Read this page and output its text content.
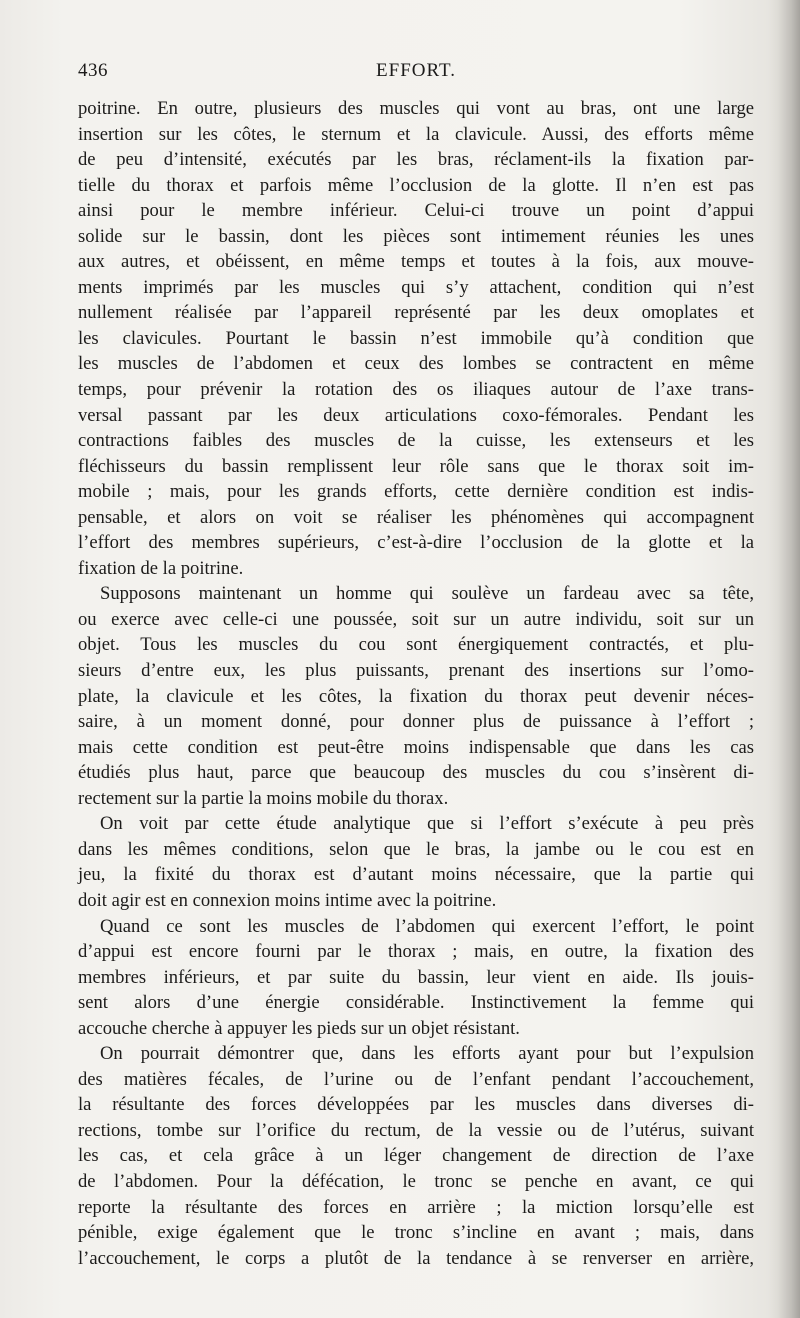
436	EFFORT.
poitrine. En outre, plusieurs des muscles qui vont au bras, ont une large
insertion sur les côtes, le sternum et la clavicule. Aussi, des efforts même
de peu d’intensité, exécutés par les bras, réclament-ils la fixation par-
tielle du thorax et parfois même l’occlusion de la glotte. Il n’en est pas
ainsi pour le membre inférieur. Celui-ci trouve un point d’appui
solide sur le bassin, dont les pièces sont intimement réunies les unes
aux autres, et obéissent, en même temps et toutes à la fois, aux mouve-
ments imprimés par les muscles qui s’y attachent, condition qui n’est
nullement réalisée par l’appareil représenté par les deux omoplates et
les clavicules. Pourtant le bassin n’est immobile qu’à condition que
les muscles de l’abdomen et ceux des lombes se contractent en même
temps, pour prévenir la rotation des os iliaques autour de l’axe trans-
versal passant par les deux articulations coxo-fémorales. Pendant les
contractions faibles des muscles de la cuisse, les extenseurs et les
fléchisseurs du bassin remplissent leur rôle sans que le thorax soit im-
mobile ; mais, pour les grands efforts, cette dernière condition est indis-
pensable, et alors on voit se réaliser les phénomènes qui accompagnent
l’effort des membres supérieurs, c’est-à-dire l’occlusion de la glotte et la
fixation de la poitrine.
Supposons maintenant un homme qui soulève un fardeau avec sa tête,
ou exerce avec celle-ci une poussée, soit sur un autre individu, soit sur un
objet. Tous les muscles du cou sont énergiquement contractés, et plu-
sieurs d’entre eux, les plus puissants, prenant des insertions sur l’omo-
plate, la clavicule et les côtes, la fixation du thorax peut devenir néces-
saire, à un moment donné, pour donner plus de puissance à l’effort ;
mais cette condition est peut-être moins indispensable que dans les cas
étudiés plus haut, parce que beaucoup des muscles du cou s’insèrent di-
rectement sur la partie la moins mobile du thorax.
On voit par cette étude analytique que si l’effort s’exécute à peu près
dans les mêmes conditions, selon que le bras, la jambe ou le cou est en
jeu, la fixité du thorax est d’autant moins nécessaire, que la partie qui
doit agir est en connexion moins intime avec la poitrine.
Quand ce sont les muscles de l’abdomen qui exercent l’effort, le point
d’appui est encore fourni par le thorax ; mais, en outre, la fixation des
membres inférieurs, et par suite du bassin, leur vient en aide. Ils jouis-
sent alors d’une énergie considérable. Instinctivement la femme qui
accouche cherche à appuyer les pieds sur un objet résistant.
On pourrait démontrer que, dans les efforts ayant pour but l’expulsion
des matières fécales, de l’urine ou de l’enfant pendant l’accouchement,
la résultante des forces développées par les muscles dans diverses di-
rections, tombe sur l’orifice du rectum, de la vessie ou de l’utérus, suivant
les cas, et cela grâce à un léger changement de direction de l’axe
de l’abdomen. Pour la défécation, le tronc se penche en avant, ce qui
reporte la résultante des forces en arrière ; la miction lorsqu’elle est
pénible, exige également que le tronc s’incline en avant ; mais, dans
l’accouchement, le corps a plutôt de la tendance à se renverser en arrière,
